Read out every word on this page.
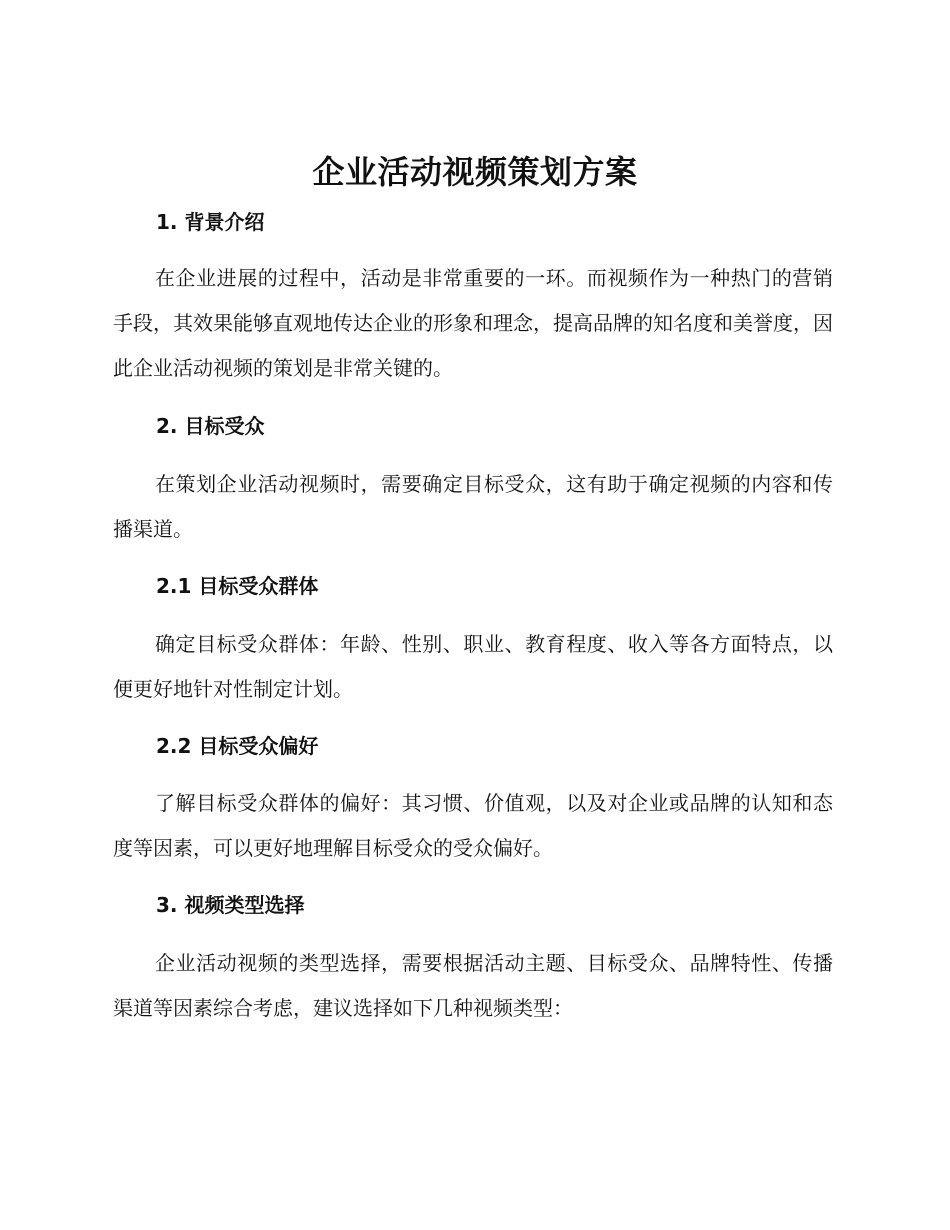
企业活动视频策划方案
1. 背景介绍
在企业进展的过程中，活动是非常重要的一环。而视频作为一种热门的营销手段，其效果能够直观地传达企业的形象和理念，提高品牌的知名度和美誉度，因此企业活动视频的策划是非常关键的。
2. 目标受众
在策划企业活动视频时，需要确定目标受众，这有助于确定视频的内容和传播渠道。
2.1 目标受众群体
确定目标受众群体：年龄、性别、职业、教育程度、收入等各方面特点，以便更好地针对性制定计划。
2.2 目标受众偏好
了解目标受众群体的偏好：其习惯、价值观，以及对企业或品牌的认知和态度等因素，可以更好地理解目标受众的受众偏好。
3. 视频类型选择
企业活动视频的类型选择，需要根据活动主题、目标受众、品牌特性、传播渠道等因素综合考虑，建议选择如下几种视频类型：
